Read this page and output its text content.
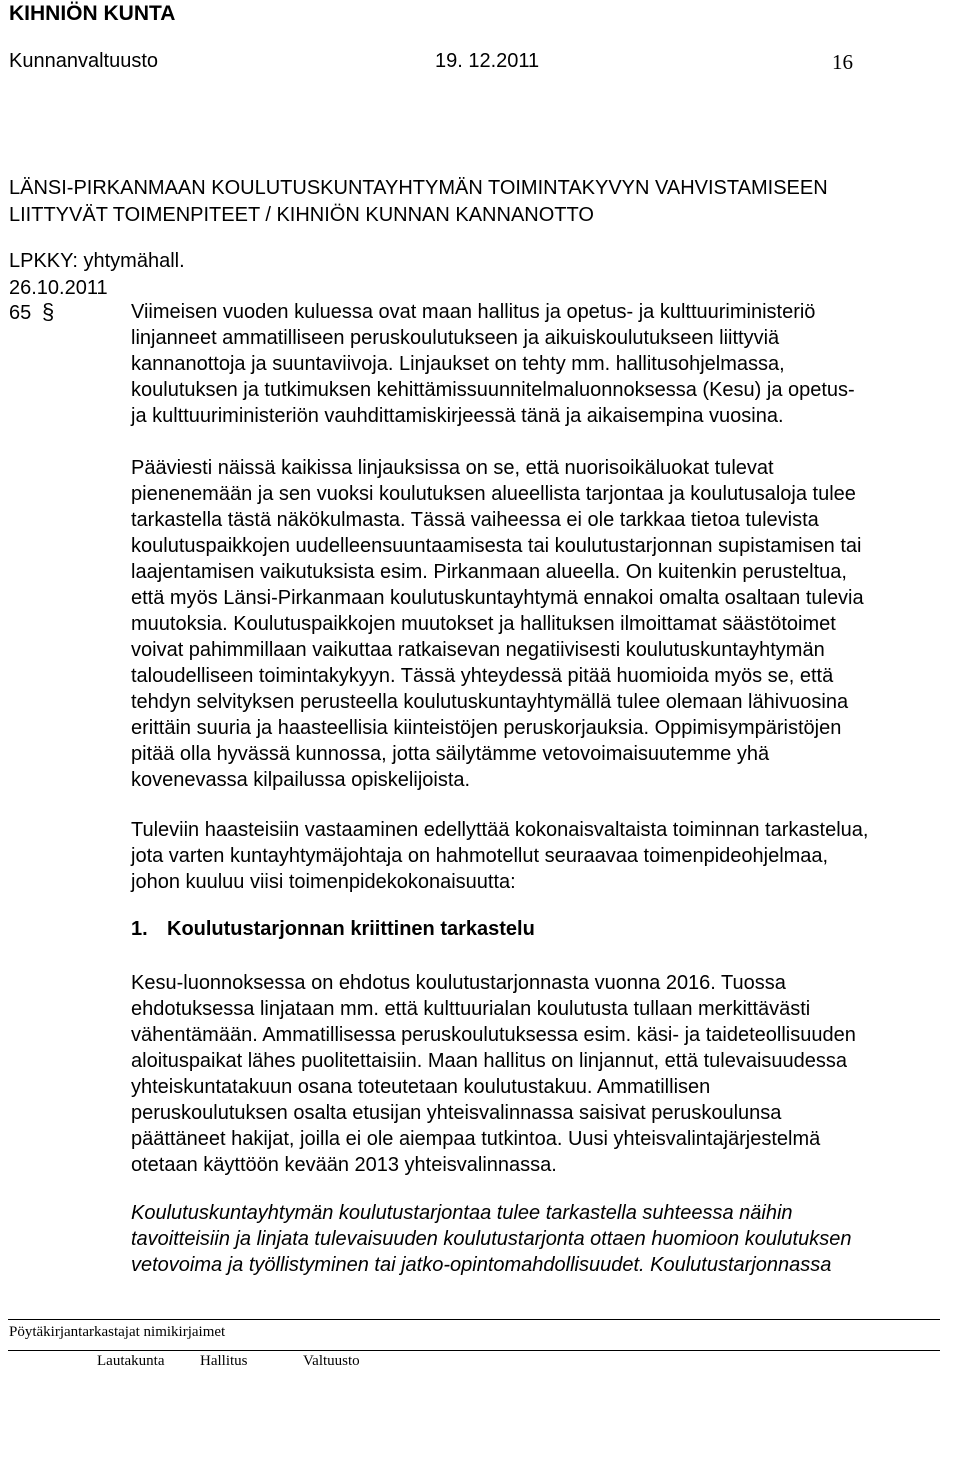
KIHNIÖN KUNTA
Kunnanvaltuusto	19. 12.2011	16
LÄNSI-PIRKANMAAN KOULUTUSKUNTAYHTYMÄN TOIMINTAKYVYN VAHVISTAMISEEN
LIITTYVÄT TOIMENPITEET / KIHNIÖN KUNNAN KANNANOTTO
LPKKY: yhtymähall.
26.10.2011
65 §	Viimeisen vuoden kuluessa ovat maan hallitus ja opetus- ja kulttuuriministeriö
linjanneet ammatilliseen peruskoulutukseen ja aikuiskoulutukseen liittyviä
kannanottoja ja suuntaviivoja. Linjaukset on tehty mm. hallitusohjelmassa,
koulutuksen ja tutkimuksen kehittämissuunnitelmaluonnoksessa (Kesu) ja opetus-
ja kulttuuriministeriön vauhdittamiskirjeessä tänä ja aikaisempina vuosina.

Pääviesti näissä kaikissa linjauksissa on se, että nuorisoikäluokat tulevat
pienenemään ja sen vuoksi koulutuksen alueellista tarjontaa ja koulutusaloja tulee
tarkastella tästä näkökulmasta. Tässä vaiheessa ei ole tarkkaa tietoa tulevista
koulutuspaikkojen uudelleensuuntaamisesta tai koulutustarjonnan supistamisen tai
laajentamisen vaikutuksista esim. Pirkanmaan alueella. On kuitenkin perusteltua,
että myös Länsi-Pirkanmaan koulutuskuntayhtymä ennakoi omalta osaltaan tulevia
muutoksia. Koulutuspaikkojen muutokset ja hallituksen ilmoittamat säästötoimet
voivat pahimmillaan vaikuttaa ratkaisevan negatiivisesti koulutuskuntayhtymän
taloudelliseen toimintakykyyn. Tässä yhteydessä pitää huomioida myös se, että
tehdyn selvityksen perusteella koulutuskuntayhtymällä tulee olemaan lähivuosina
erittäin suuria ja haasteellisia kiinteistöjen peruskorjauksia. Oppimisympäristöjen
pitää olla hyvässä kunnossa, jotta säilytämme vetovoimaisuutemme yhä
kovenevassa kilpailussa opiskelijoista.

Tuleviin haasteisiin vastaaminen edellyttää kokonaisvaltaista toiminnan tarkastelua,
jota varten kuntayhtymäjohtaja on hahmotellut seuraavaa toimenpideohjelmaa,
johon kuuluu viisi toimenpidekokonaisuutta:

1. Koulutustarjonnan kriittinen tarkastelu

Kesu-luonnoksessa on ehdotus koulutustarjonnasta vuonna 2016. Tuossa
ehdotuksessa linjataan mm. että kulttuurialan koulutusta tullaan merkittävästi
vähentämään. Ammatillisessa peruskoulutuksessa esim. käsi- ja taideteollisuuden
aloituspaikat lähes puolitettaisiin. Maan hallitus on linjannut, että tulevaisuudessa
yhteiskuntatakuun osana toteutetaan koulutustakuu. Ammatillisen
peruskoulutuksen osalta etusijan yhteisvalinnassa saisivat peruskoulunsa
päättäneet hakijat, joilla ei ole aiempaa tutkintoa. Uusi yhteisvalintajärjestelmä
otetaan käyttöön kevään 2013 yhteisvalinnassa.

Koulutuskuntayhtymän koulutustarjontaa tulee tarkastella suhteessa näihin
tavoitteisiin ja linjata tulevaisuuden koulutustarjonta ottaen huomioon koulutuksen
vetovoima ja työllistyminen tai jatko-opintomahdollisuudet. Koulutustarjonnassa

Pöytäkirjantarkastajat nimikirjaimet
Lautakunta Hallitus	Valtuusto
